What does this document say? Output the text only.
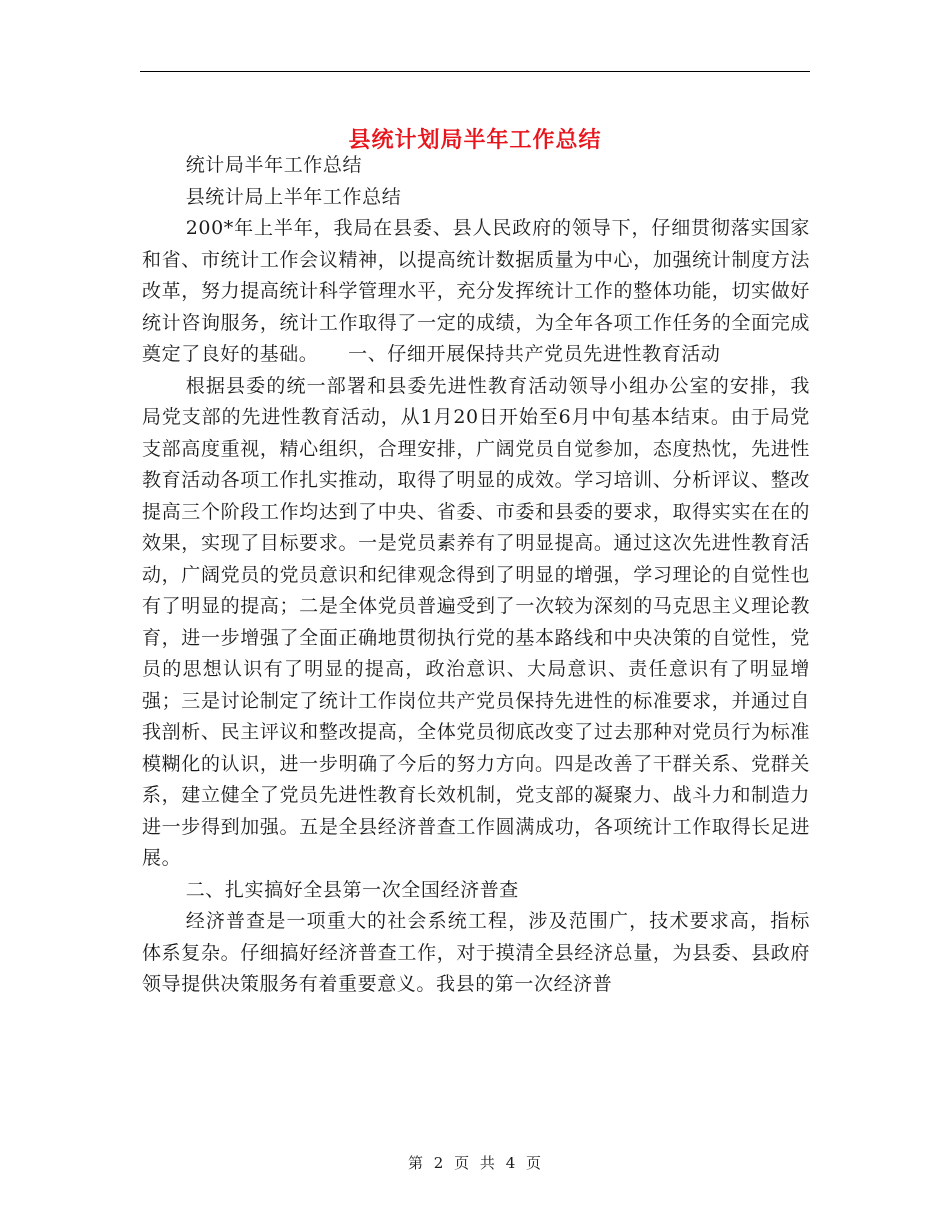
县统计划局半年工作总结

统计局半年工作总结

县统计局上半年工作总结

200*年上半年，我局在县委、县人民政府的领导下，仔细贯彻落实国家和省、市统计工作会议精神，以提高统计数据质量为中心，加强统计制度方法改革，努力提高统计科学管理水平，充分发挥统计工作的整体功能，切实做好统计咨询服务，统计工作取得了一定的成绩，为全年各项工作任务的全面完成奠定了良好的基础。　　一、仔细开展保持共产党员先进性教育活动

根据县委的统一部署和县委先进性教育活动领导小组办公室的安排，我局党支部的先进性教育活动，从1月20日开始至6月中旬基本结束。由于局党支部高度重视，精心组织，合理安排，广阔党员自觉参加，态度热忱，先进性教育活动各项工作扎实推动，取得了明显的成效。学习培训、分析评议、整改提高三个阶段工作均达到了中央、省委、市委和县委的要求，取得实实在在的效果，实现了目标要求。一是党员素养有了明显提高。通过这次先进性教育活动，广阔党员的党员意识和纪律观念得到了明显的增强，学习理论的自觉性也有了明显的提高；二是全体党员普遍受到了一次较为深刻的马克思主义理论教育，进一步增强了全面正确地贯彻执行党的基本路线和中央决策的自觉性，党员的思想认识有了明显的提高，政治意识、大局意识、责任意识有了明显增强；三是讨论制定了统计工作岗位共产党员保持先进性的标准要求，并通过自我剖析、民主评议和整改提高，全体党员彻底改变了过去那种对党员行为标准模糊化的认识，进一步明确了今后的努力方向。四是改善了干群关系、党群关系，建立健全了党员先进性教育长效机制，党支部的凝聚力、战斗力和制造力进一步得到加强。五是全县经济普查工作圆满成功，各项统计工作取得长足进展。

二、扎实搞好全县第一次全国经济普查

经济普查是一项重大的社会系统工程，涉及范围广，技术要求高，指标体系复杂。仔细搞好经济普查工作，对于摸清全县经济总量，为县委、县政府领导提供决策服务有着重要意义。我县的第一次经济普

第 2 页 共 4 页
